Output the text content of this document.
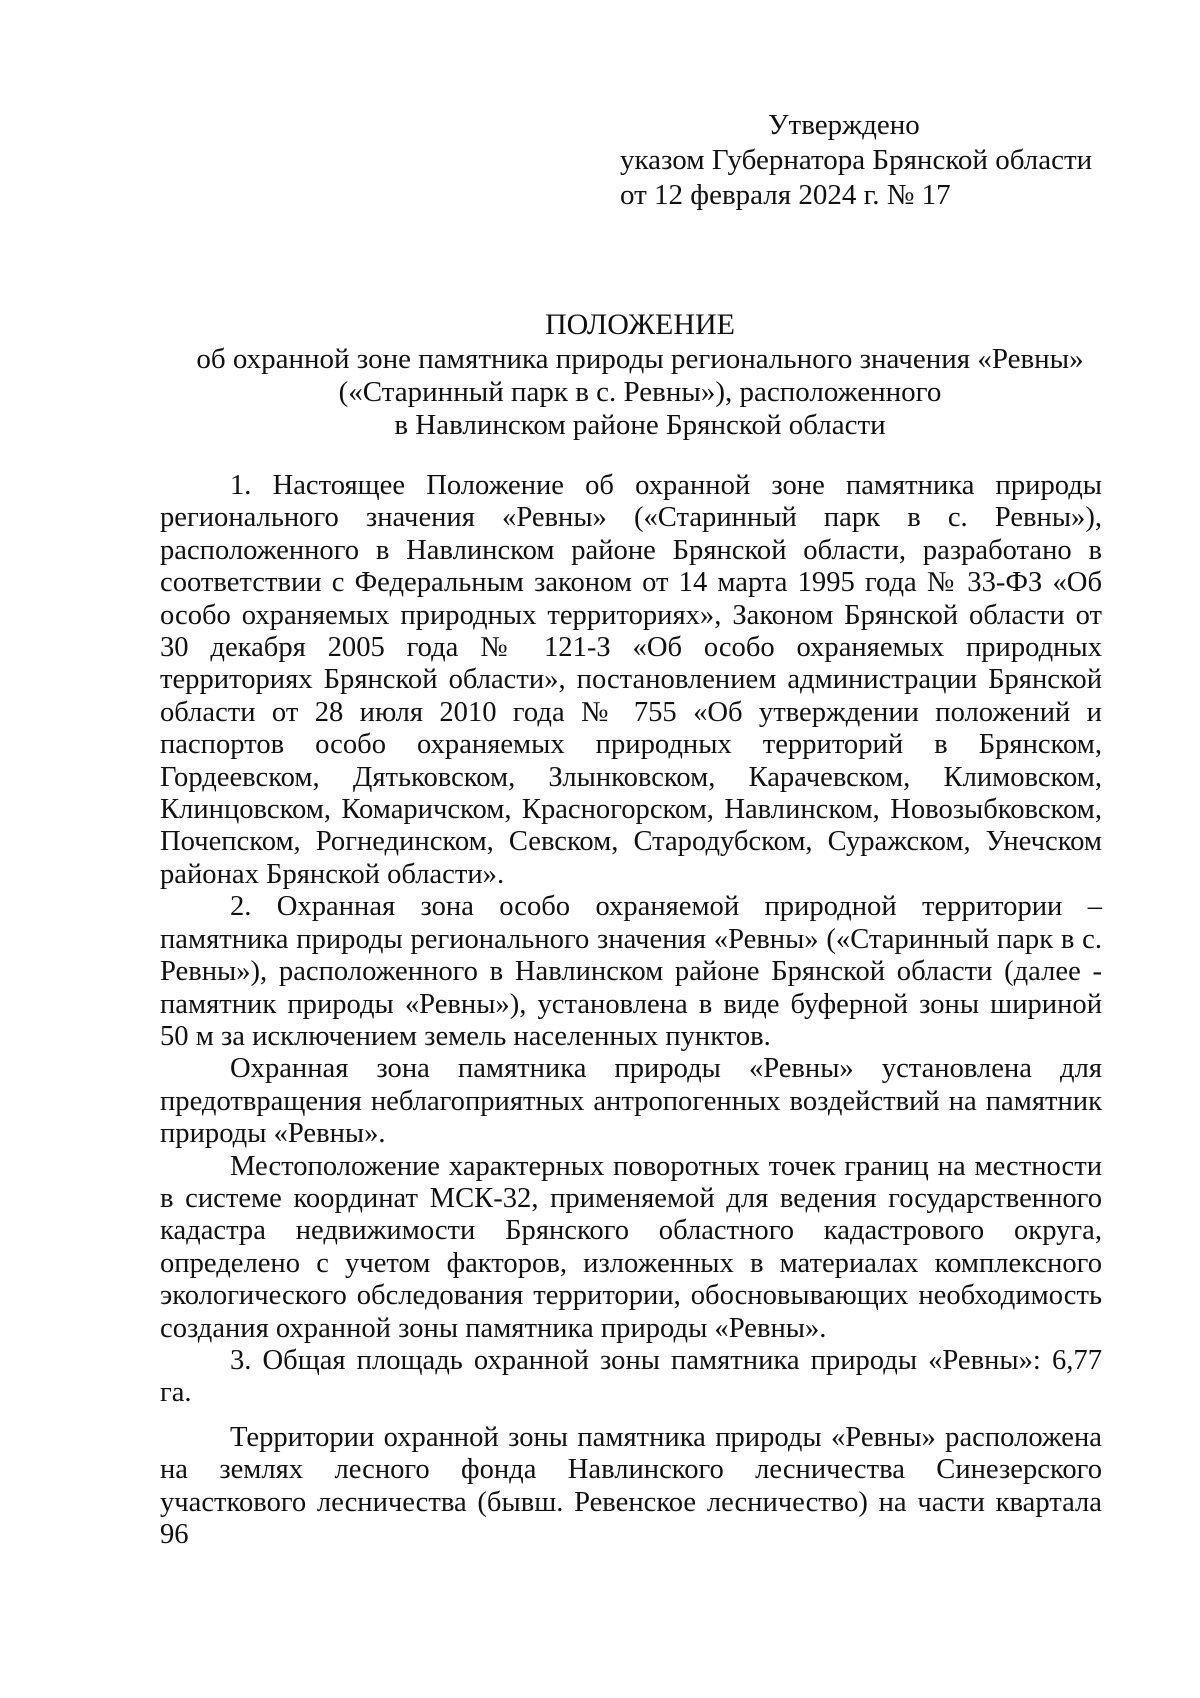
Утверждено
указом Губернатора Брянской области
от 12 февраля 2024 г. № 17
ПОЛОЖЕНИЕ
об охранной зоне памятника природы регионального значения «Ревны»
(«Старинный парк в с. Ревны»), расположенного
в Навлинском районе Брянской области

1. Настоящее Положение об охранной зоне памятника природы регионального значения «Ревны» («Старинный парк в с. Ревны»), расположенного в Навлинском районе Брянской области, разработано в соответствии с Федеральным законом от 14 марта 1995 года № 33-ФЗ «Об особо охраняемых природных территориях», Законом Брянской области от 30 декабря 2005 года № 121-З «Об особо охраняемых природных территориях Брянской области», постановлением администрации Брянской области от 28 июля 2010 года № 755 «Об утверждении положений и паспортов особо охраняемых природных территорий в Брянском, Гордеевском, Дятьковском, Злынковском, Карачевском, Климовском, Клинцовском, Комаричском, Красногорском, Навлинском, Новозыбковском, Почепском, Рогнединском, Севском, Стародубском, Суражском, Унечском районах Брянской области».

2. Охранная зона особо охраняемой природной территории – памятника природы регионального значения «Ревны» («Старинный парк в с. Ревны»), расположенного в Навлинском районе Брянской области (далее - памятник природы «Ревны»), установлена в виде буферной зоны шириной 50 м за исключением земель населенных пунктов.

Охранная зона памятника природы «Ревны» установлена для предотвращения неблагоприятных антропогенных воздействий на памятник природы «Ревны».

Местоположение характерных поворотных точек границ на местности в системе координат МСК-32, применяемой для ведения государственного кадастра недвижимости Брянского областного кадастрового округа, определено с учетом факторов, изложенных в материалах комплексного экологического обследования территории, обосновывающих необходимость создания охранной зоны памятника природы «Ревны».

3. Общая площадь охранной зоны памятника природы «Ревны»: 6,77 га.

Территории охранной зоны памятника природы «Ревны» расположена на землях лесного фонда Навлинского лесничества Синезерского участкового лесничества (бывш. Ревенское лесничество) на части квартала 96
